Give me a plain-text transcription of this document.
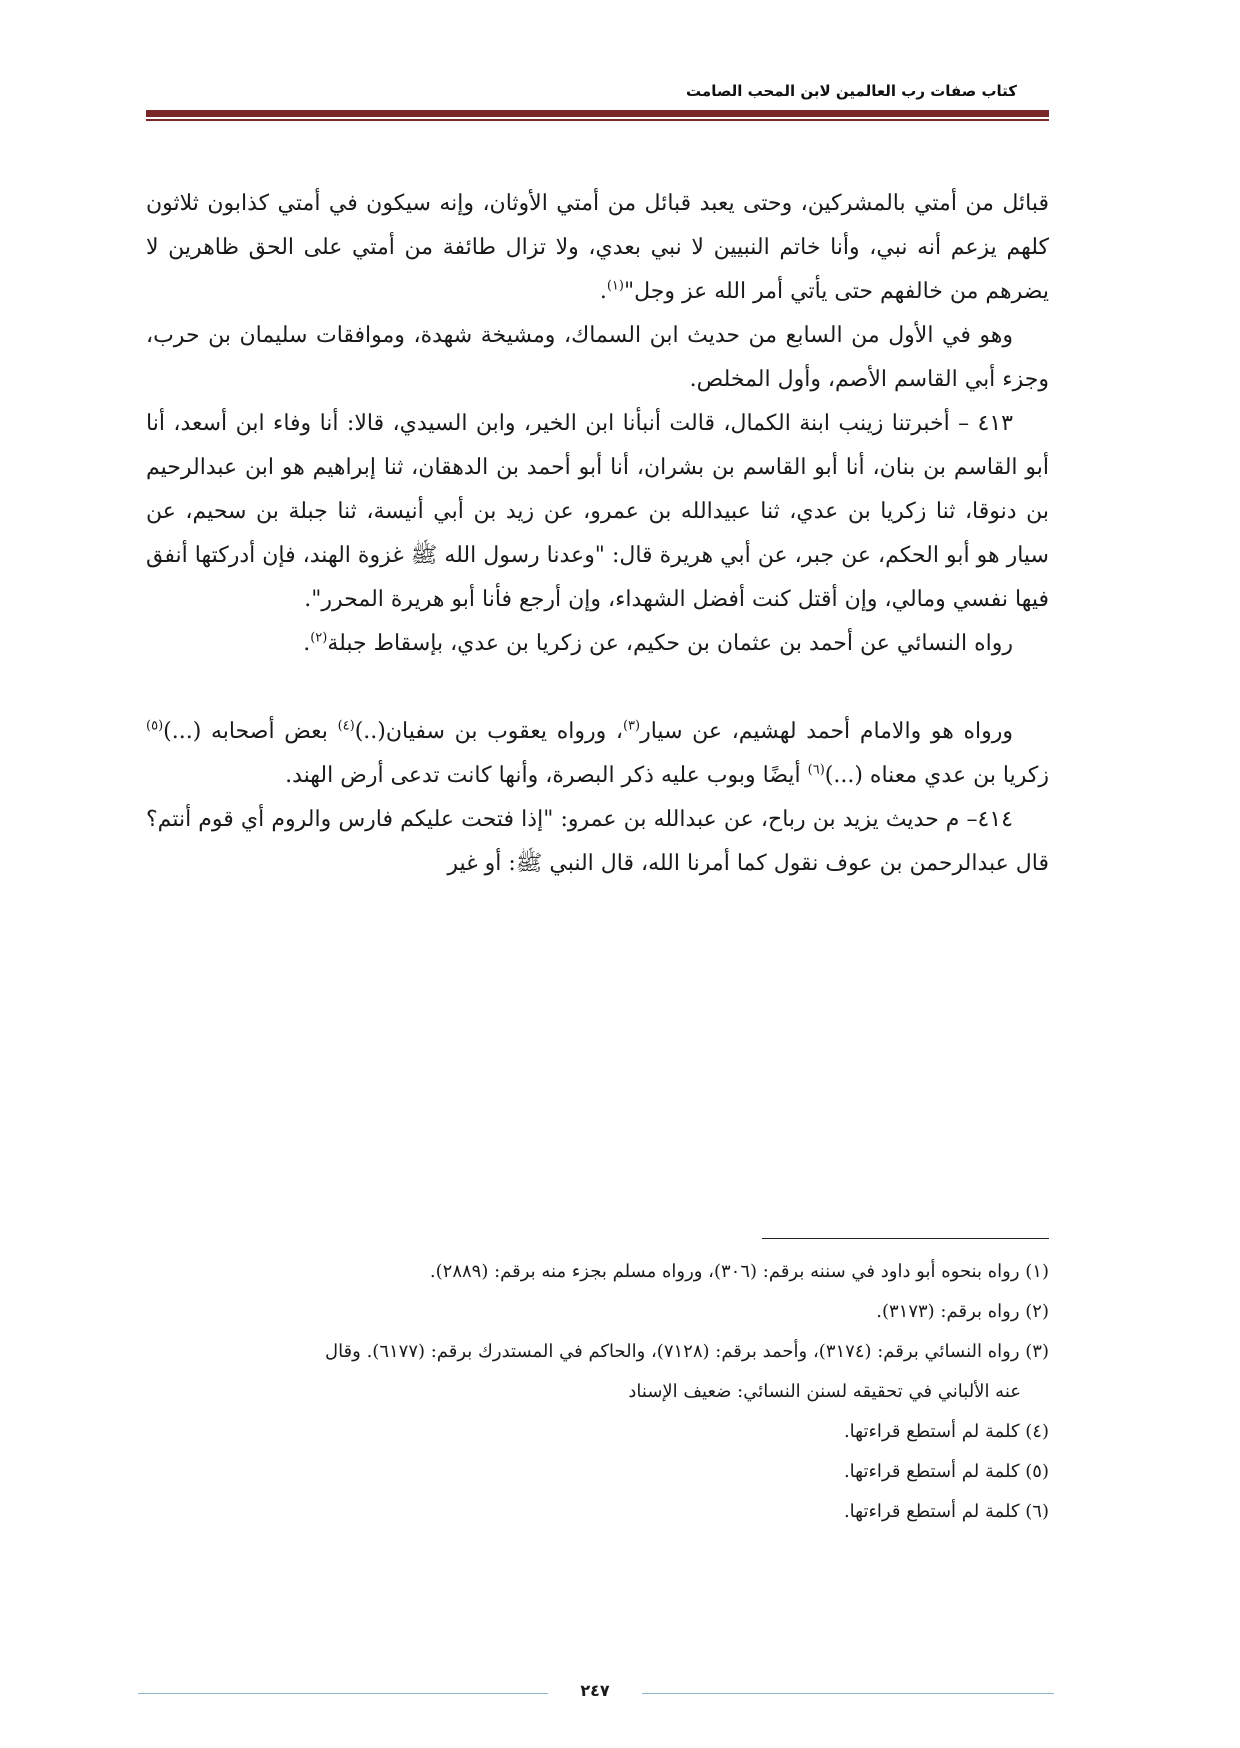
كتاب صفات رب العالمين لابن المحب الصامت

قبائل من أمتي بالمشركين، وحتى يعبد قبائل من أمتي الأوثان، وإنه سيكون في أمتي كذابون ثلاثون كلهم يزعم أنه نبي، وأنا خاتم النبيين لا نبي بعدي، ولا تزال طائفة من أمتي على الحق ظاهرين لا يضرهم من خالفهم حتى يأتي أمر الله عز وجل"$^{(١)}$.

وهو في الأول من السابع من حديث ابن السماك، ومشيخة شهدة، وموافقات سليمان بن حرب، وجزء أبي القاسم الأصم، وأول المخلص.

٤١٣ – أخبرتنا زينب ابنة الكمال، قالت أنبأنا ابن الخير، وابن السيدي، قالا: أنا وفاء ابن أسعد، أنا أبو القاسم بن بنان، أنا أبو القاسم بن بشران، أنا أبو أحمد بن الدهقان، ثنا إبراهيم هو ابن عبدالرحيم بن دنوقا، ثنا زكريا بن عدي، ثنا عبيدالله بن عمرو، عن زيد بن أبي أنيسة، ثنا جبلة بن سحيم، عن سيار هو أبو الحكم، عن جبر، عن أبي هريرة قال: "وعدنا رسول الله ﷺ غزوة الهند، فإن أدركتها أنفق فيها نفسي ومالي، وإن أقتل كنت أفضل الشهداء، وإن أرجع فأنا أبو هريرة المحرر".

رواه النسائي عن أحمد بن عثمان بن حكيم، عن زكريا بن عدي، بإسقاط جبلة$^{(٢)}$.

ورواه هو والامام أحمد لهشيم، عن سيار$^{(٣)}$، ورواه يعقوب بن سفيان(..)$^{(٤)}$ بعض أصحابه (...)$^{(٥)}$ زكريا بن عدي معناه (...)$^{(٦)}$ أيضًا وبوب عليه ذكر البصرة، وأنها كانت تدعى أرض الهند.

٤١٤– م حديث يزيد بن رباح، عن عبدالله بن عمرو: "إذا فتحت عليكم فارس والروم أي قوم أنتم؟ قال عبدالرحمن بن عوف نقول كما أمرنا الله، قال النبي ﷺ: أو غير

(١) رواه بنحوه أبو داود في سننه برقم: (٣٠٦)، ورواه مسلم بجزء منه برقم: (٢٨٨٩).

(٢) رواه برقم: (٣١٧٣).

(٣) رواه النسائي برقم: (٣١٧٤)، وأحمد برقم: (٧١٢٨)، والحاكم في المستدرك برقم: (٦١٧٧). وقال

عنه الألباني في تحقيقه لسنن النسائي: ضعيف الإسناد

(٤) كلمة لم أستطع قراءتها.

(٥) كلمة لم أستطع قراءتها.

(٦) كلمة لم أستطع قراءتها.

٢٤٧
